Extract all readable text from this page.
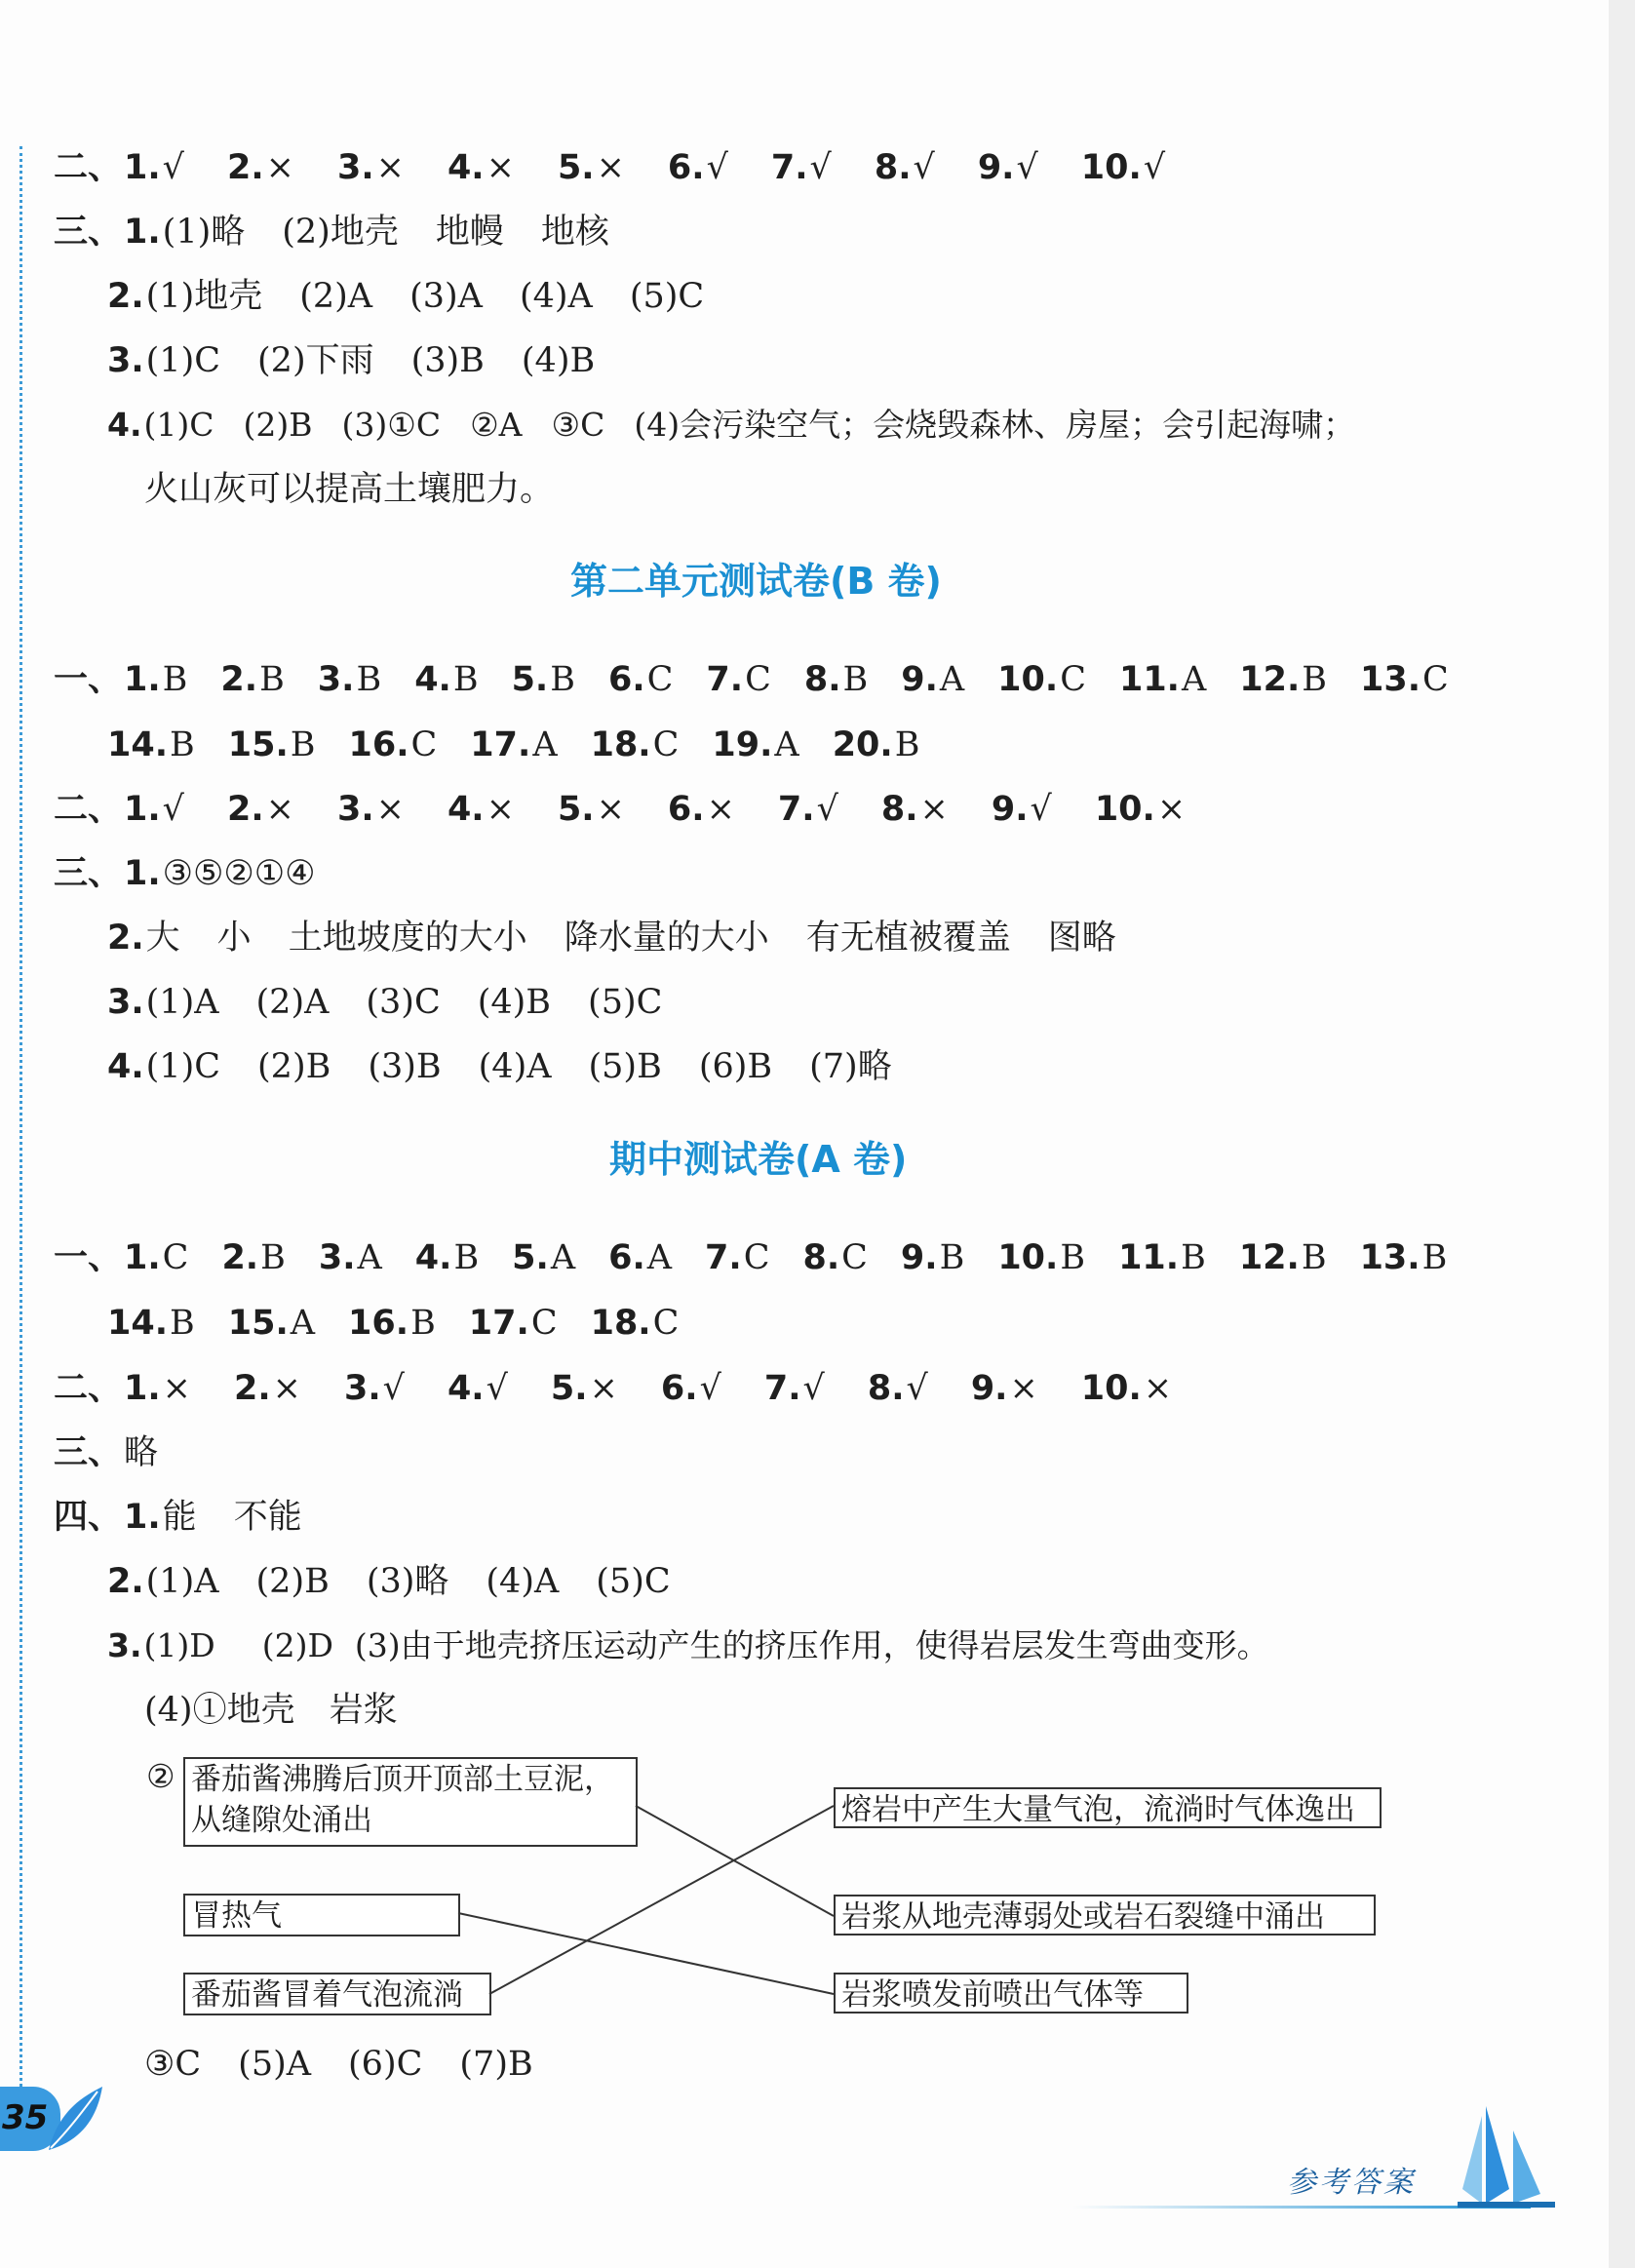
二、1.√ 2.× 3.× 4.× 5.× 6.√ 7.√ 8.√ 9.√ 10.√
三、1.(1)略 (2)地壳 地幔 地核
2.(1)地壳 (2)A (3)A (4)A (5)C
3.(1)C (2)下雨 (3)B (4)B
4.(1)C (2)B (3)①C ②A ③C (4)会污染空气；会烧毁森林、房屋；会引起海啸；
火山灰可以提高土壤肥力。
第二单元测试卷(B 卷)
一、1.B 2.B 3.B 4.B 5.B 6.C 7.C 8.B 9.A 10.C 11.A 12.B 13.C
14.B 15.B 16.C 17.A 18.C 19.A 20.B
二、1.√ 2.× 3.× 4.× 5.× 6.× 7.√ 8.× 9.√ 10.×
三、1.③⑤②①④
2.大 小 土地坡度的大小 降水量的大小 有无植被覆盖 图略
3.(1)A (2)A (3)C (4)B (5)C
4.(1)C (2)B (3)B (4)A (5)B (6)B (7)略
期中测试卷(A 卷)
一、1.C 2.B 3.A 4.B 5.A 6.A 7.C 8.C 9.B 10.B 11.B 12.B 13.B
14.B 15.A 16.B 17.C 18.C
二、1.× 2.× 3.√ 4.√ 5.× 6.√ 7.√ 8.√ 9.× 10.×
三、略
四、1.能 不能
2.(1)A (2)B (3)略 (4)A (5)C
3.(1)D (2)D (3)由于地壳挤压运动产生的挤压作用，使得岩层发生弯曲变形。
(4)①地壳　岩浆
② 番茄酱沸腾后顶开顶部土豆泥，
从缝隙处涌出
冒热气
番茄酱冒着气泡流淌
熔岩中产生大量气泡，流淌时气体逸出
岩浆从地壳薄弱处或岩石裂缝中涌出
岩浆喷发前喷出气体等
③C (5)A (6)C (7)B
35
参考答案
